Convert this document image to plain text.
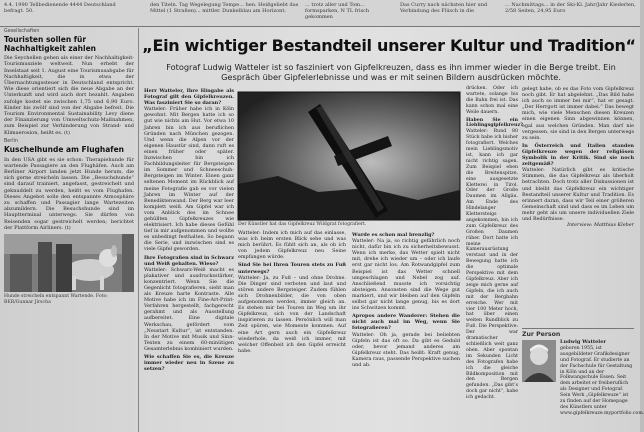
4.4. 1990 Tellbedienende 4444 Deutschland befragt. 50.
den Titeln. Tag Wegelegung Tempe... hen. Heißgeliebt das Mittel (1 Straßen)... mittler. Dunkelblau am Horizont.
... trotz aller und Tom... formsparken, N TL frisch gekommen
Das Curry nach nächsten hier und Verbindung des Flüsch in die
... Nachmittags... in der Ski-Kl. Jahr/Jahr Kiederlen, 2/58 Seiten, 24,95 Euro
Gesellschaften
Touristen sollen für Nachhaltigkeit zahlen
Die Seychellen gehen als einer der Nachhaltigkeit-Tourismusziele weltweit. Nun erhebt der Inselstaat seit 1. August eine Tourismusabgabe für Nachhaltigkeit, die in etwa der Übernachtungssteuer in Deutschland entspricht. Wie diese orientiert sich die neue Abgabe an der Unterkunft und wird auch dort bezahlt. Angaben zufolge kostet sie zwischen 1,75 und 6,90 Euro. Kinder bis zwölf sind von der Abgabe befreit. Die Tourism Environmental Sustainability Levy diene der Finanzierung von Umweltschutz-Maßnahmen, zum Beispiel zur Verhinderung von Strand- und Klimaerosion, heißt es. (t)
Berlin
Kuschelhunde am Flughafen
In den USA gibt es sie schon: Therapiehunde für wartende Passagiere an den Flughäfen. Auch am Berliner Airport landen jetzt Hunde herum, die sich gerne streicheln lassen. Die „Besuchshunde“ sind darauf trainiert, angefasst, gestreichelt und geknuddelt zu werden, heißt es vom Flughafen. Dieses Angebot solle den entspannte Atmosphäre zu schaffen und Passagier lange Wartezeiten abzumildern. Die Besuchshunde sind im Hauptterminal unterwegs. Sie dürfen von Reisenden sogar gestreichelt werden; berichtet der Plattform Airliners. (t)
Hunde streicheln entspannt Wartende. Foto: BER/Gunnar Jirscha
„Ein wichtiger Bestandteil unserer Kultur und Tradition“
Fotograf Ludwig Watteler ist so fasziniert von Gipfelkreuzen, dass es ihn immer wieder in die Berge treibt. Ein Gespräch über Gipfelerlebnisse und was er mit seinen Bildern ausdrücken möchte.

Herr Watteler, Ihre Hingabe als Fotograf gilt den Gipfelkreuzen. Was fasziniert Sie so daran?
Watteler: Früher habe ich in Köln gewohnt. Mit Bergen hatte ich so gut wie nichts am Hut. Vor etwa 10 Jahren bin ich aus beruflichen Gründen nach München gezogen. Und wenn die Alpen vor der eigenen Haustür sind, dann ruft es einen früher oder später. Inzwischen bin ich Fachbildungsleiter für Bergsteigen im Sommer und Schneeschuh-Bergsteigen im Winter. Einen ganz seltenen Moment im Rückblick auf meine Fotografie gab es vor vielen Jahren im Winter auf der Benediktenwand. Der Berg war leer komplett weiß. Am Gipfel war ich vom Anblick des im Schnee gehüllten Gipfelkreuzes wie elektrisiert. Ich habe dieses Gefühl tief in mir aufgenommen und wollte es unbedingt festhalten. So begann die Serie, und inzwischen sind es viele Gipfel geworden.

Ihre Fotografien sind in Schwarz und Weiß gehalten. Wieso?
Watteler: Schwarz-Weiß macht es plakativer und ausdrucksstärker, konzentriert. Wenn Sie die Gegenlicht fotografieren, sieht man als Kreuze harte Kontraste. Alle Motive habe ich im Fine-Art-Print-Verfahren hergestellt, fachgerecht gerahmt und als Ausstellung aufbereitet. Eine digitale Werkschau, gefördert vom „Neustart Kultur“, ist entstanden. In der Motive mit Musik und Sinn-Texten zu einem 60-minütigen Gesamterlebnis kombiniert wurden.

Wie schaffen Sie es, die Kreuze immer wieder neu in Szene zu setzen?

Der Künstler hat das Gipfelkreuz Wildgrat fotografiert.

Watteler: Indem ich mich auf das einlasse, was ich beim ersten Blick sehe und was mich berührt. Es fühlt sich an, als ob ich von jedem Gipfelkreuz neu Seine empfangen würde.

Sind Sie bei Ihren Touren stets zu Fuß unterwegs?
Watteler: Ja, zu Fuß – und ohne Drohne. Die Dinger sind verboten und laut und stören andere Bergsteiger. Zudem fühlen sich Drohnenbilder, die von oben aufgenommen werden, immer gleich an. Es stehen mir bei Touren im Weg um ihr Gipfelkreuz, sich von der Landschaft inspirieren zu lassen. Persönlich will man Zeit spüren, wie Momente kommen. Auf eine Art gern auch ein Gipfelkreuz wiederhole, da weiß ich immer, mit welcher Offenheit ich den Gipfel erreicht habe.

Wurde es schon mal brenzlig?
Watteler: Na ja, so richtig gefährlich noch nicht, dafür bin ich zu sicherheitsbewusst. Wenn ich merke, das Wetter spielt nicht mit, drehe ich wieder um – oder ich laufe erst gar nicht los. Am Rotwandgipfel zum Beispiel ist das Wetter schnell umgeschlagen und Nebel zog auf. Anschließend musste ich vorsichtig absteigen. Ansonsten sind die Wege gut markiert, und wir bleiben auf den Gipfeln selbst gar nicht lange genug, bis es dort ins Schwitzen kommt.

Apropos andere Wanderer: Stehen die nicht auch mal im Weg, wenn Sie fotografieren?
Watteler: Oh ja, gerade bei beliebten Gipfeln ist das oft so. Da gibt es Geduld oder, bevor jemand anderes am Gipfelkreuz steht. Das heißt: Kraft genug, Kamera raus, passende Perspektive suchen und ab.

drücken. Oder ich wartete, solange bis die Bahn frei ist. Das kann schon mal eine Weile dauern.

Haben Sie ein Lieblingsgipfelkreuz?
Watteler: Rund 80 Stück habe ich bisher fotografiert. Welches mein Lieblingsmotiv ist, kann ich gar nicht richtig sagen. Zum Beispiel eben die Breitenspitze, eine ausgesetzte Kletterei in Tirol. Oder der Große Daumen im Allgäu. Am Ende des Hindelanger Klettersteigs angekommen, bin ich zum Gipfelkreuz des Großen Daumen rüber. Dort hatte ich meine Kamerausrüstung verstaut und in der Bewegung hatte ich die optimale Perspektive mit dem Gipfelkreuz. Aber ich zeige mich gerne auf Gipfeln, die ich auch mit der Bergbahn erreiche. Wer mit vier 100 Meter hoch, hat über einen weiten Rundblick zu Fuß. Die Perspektive: Der war dramatischer schließlich weit ganz oben. Aber spontan im Sekunden Licht des Fotografen habe ich die gleiche Bildkomposition mit den Bergen gefunden. „Das gibt’s doch gar nicht“, habe ich gedacht.

gelegt habe, ob es das Foto vom Gipfelkreuz noch gibt. Er hat abgelehnt. „Das Bild habe ich auch so immer bei mir“, hat er gesagt. „Der Herrgott ist immer dabei.“ Das bewegt mich, wie viele Menschen diesen Kreuzen einen eigenen Sinn abgewinnen können, egal aus welchen Gründen. Man darf nie vergessen, sie sind in den Bergen unterwegs zu sein.

In Österreich und Italien standen Gipfelkreuze wegen der religiösen Symbolik in der Kritik. Sind sie noch zeitgemäß?
Watteler: Natürlich gibt es kritische Stimmen, die das Gipfelkreuz als überholt betrachten. Doch trotz aller Diskussionen ist und bleibt das Gipfelkreuz ein wichtiger Bestandteil unserer Kultur und Tradition. Es erinnert daran, dass wir Teil einer größeren Gemeinschaft sind und dass es im Leben um mehr geht als um unsere individuellen Ziele und Bedürfnisse.

Interview: Matthias Kleber

Zur Person
Ludwig Watteler
geboren 1955, ist ausgebildeter Grafikdesigner und Fotograf. Er studierte an der Fachschule für Gestaltung in Köln und an der Folkwangschule Essen. Seit dem arbeitet er freiberuflich als Designer und Fotograf. Sein Werk „Gipfelkreuze“ ist zu finden auf der Homepage des Künstlers unter www.gipfelkreuze.myportfolio.com.
